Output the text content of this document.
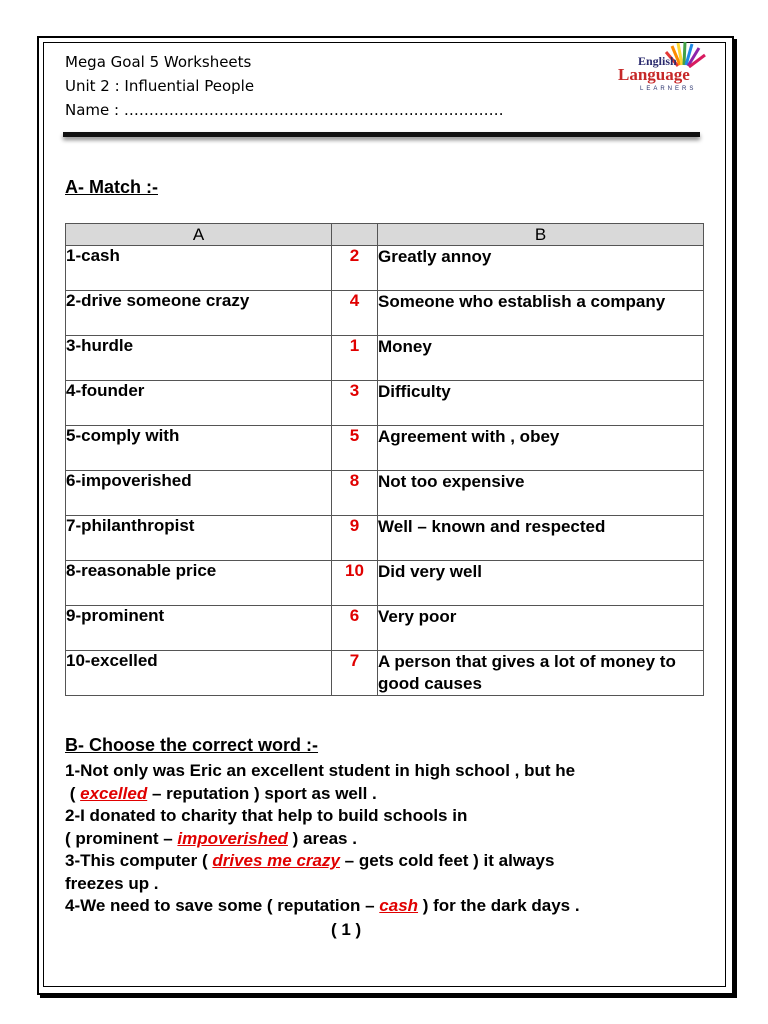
Mega Goal 5 Worksheets
Unit 2 : Influential People
Name : ………………………………………………….………………
English
Language
LEARNERS
A- Match :-
A		B
1-cash	2	Greatly annoy
2-drive someone crazy	4	Someone who establish a company
3-hurdle	1	Money
4-founder	3	Difficulty
5-comply with	5	Agreement with , obey
6-impoverished	8	Not too expensive
7-philanthropist	9	Well – known and respected
8-reasonable price	10	Did very well
9-prominent	6	Very poor
10-excelled	7	A person that gives a lot of money to good causes
B- Choose the correct word :-
1-Not only was Eric an excellent student in high school , but he
( excelled – reputation ) sport as well .
2-I donated to charity that help to build schools in
( prominent – impoverished ) areas .
3-This computer ( drives me crazy – gets cold feet ) it always
freezes up .
4-We need to save some ( reputation – cash ) for the dark days .
( 1 )
